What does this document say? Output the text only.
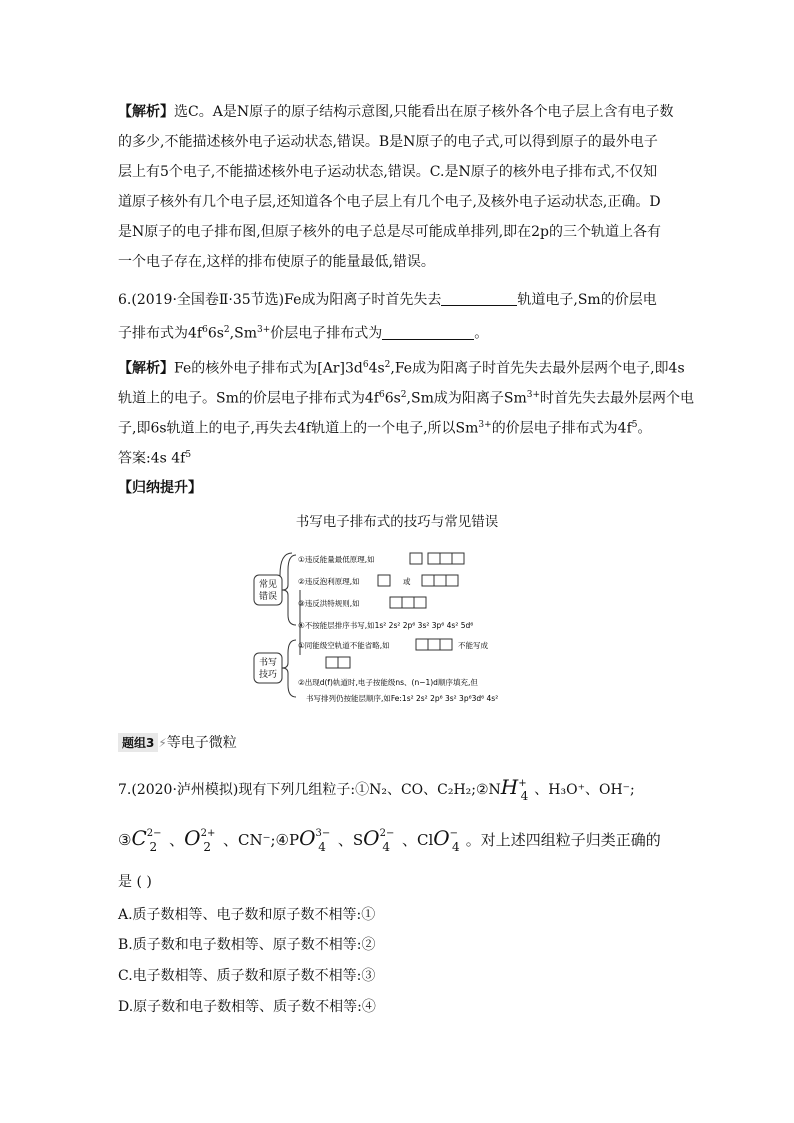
【解析】选C。A是N原子的原子结构示意图,只能看出在原子核外各个电子层上含有电子数
的多少,不能描述核外电子运动状态,错误。B是N原子的电子式,可以得到原子的最外电子
层上有5个电子,不能描述核外电子运动状态,错误。C.是N原子的核外电子排布式,不仅知
道原子核外有几个电子层,还知道各个电子层上有几个电子,及核外电子运动状态,正确。D
是N原子的电子排布图,但原子核外的电子总是尽可能成单排列,即在2p的三个轨道上各有
一个电子存在,这样的排布使原子的能量最低,错误。
6.(2019·全国卷Ⅱ·35节选)Fe成为阳离子时首先失去	轨道电子,Sm的价层电
子排布式为$4f^66s^2,Sm^{3+}$价层电子排布式为	。
【解析】Fe的核外电子排布式为$[Ar]3d^64s^2,Fe$成为阳离子时首先失去最外层两个电子,即4s
轨道上的电子。Sm的价层电子排布式为$4f^66s^2,Sm$成为阳离子$Sm^{3+}$时首先失去最外层两个电
子,即6s轨道上的电子,再失去4f轨道上的一个电子,所以$Sm^{3+}$的价层电子排布式为$4f^5$。
答案:4s $4f^5$
【归纳提升】
书写电子排布式的技巧与常见错误
常见
错误
书写
技巧
①违反能量最低原理,如
②违反泡利原理,如	或
③违反洪特规则,如
④不按能层排序书写,如1s² 2s² 2p⁶ 3s² 3p⁶ 4s² 5d⁶
①同能级空轨道不能省略,如	不能写成
②出现d(f)轨道时,电子按能级ns、(n−1)d顺序填充,但
书写排列仍按能层顺序,如Fe:1s² 2s² 2p⁶ 3s² 3p⁶3d⁶ 4s²
题组3 ⚡等电子微粒
7.(2020·泸州模拟)现有下列几组粒子:①N₂、CO、C₂H₂;②NH+4 、H₃O⁺、OH⁻;
$③C^{2-}_2$ 、$O^{2+}_2$ 、$CN^-;④PO^{3-}_4$ 、$SO^{2-}_4$ 、ClO−$_4$ 。对上述四组粒子归类正确的
是 ( )
A.质子数相等、电子数和原子数不相等:①
B.质子数和电子数相等、原子数不相等:②
C.电子数相等、质子数和原子数不相等:③
D.原子数和电子数相等、质子数不相等:④
